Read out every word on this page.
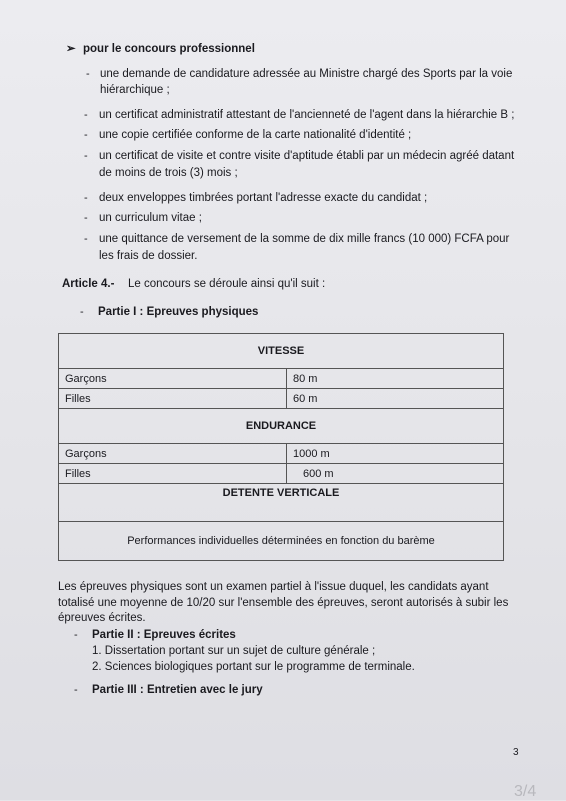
➢ pour le concours professionnel
- une demande de candidature adressée au Ministre chargé des Sports par la voie
hiérarchique ;
- un certificat administratif attestant de l'ancienneté de l'agent dans la hiérarchie B ;
- une copie certifiée conforme de la carte nationalité d'identité ;
- un certificat de visite et contre visite d'aptitude établi par un médecin agréé datant
de moins de trois (3) mois ;
- deux enveloppes timbrées portant l'adresse exacte du candidat ;
- un curriculum vitae ;
- une quittance de versement de la somme de dix mille francs (10 000) FCFA pour
les frais de dossier.
Article 4.- Le concours se déroule ainsi qu'il suit :
- Partie I : Epreuves physiques
VITESSE	
Garçons	80 m
Filles	60 m
ENDURANCE	
Garçons	1000 m
Filles	600 m
DETENTE VERTICALE	
Performances individuelles déterminées en fonction du barème	
Les épreuves physiques sont un examen partiel à l'issue duquel, les candidats ayant
totalisé une moyenne de 10/20 sur l'ensemble des épreuves, seront autorisés à subir les
épreuves écrites.
- Partie II : Epreuves écrites
1. Dissertation portant sur un sujet de culture générale ;
2. Sciences biologiques portant sur le programme de terminale.
- Partie III : Entretien avec le jury
3
3/4
